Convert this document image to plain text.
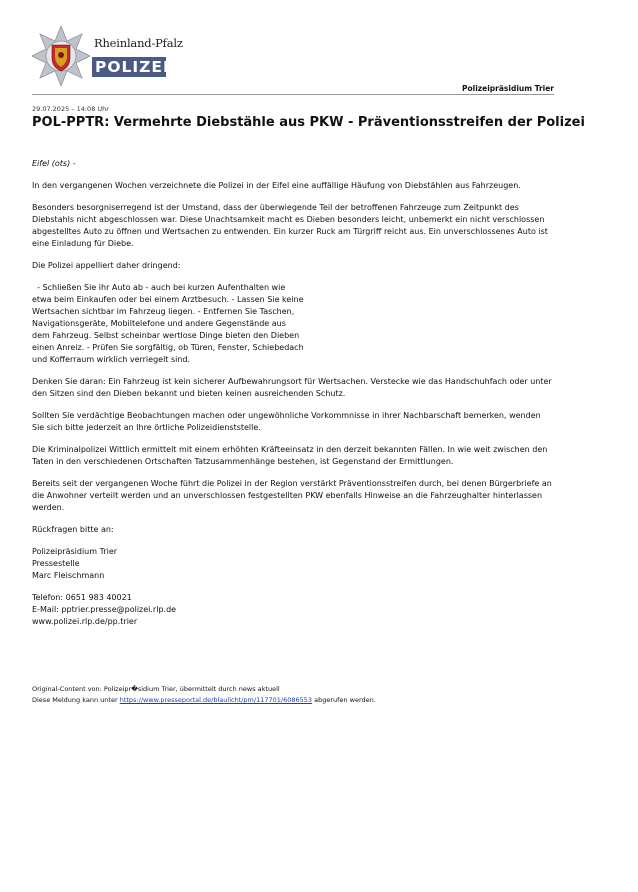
Rheinland-Pfalz
POLIZEI
Polizeipräsidium Trier
29.07.2025 – 14:08 Uhr
POL-PPTR: Vermehrte Diebstähle aus PKW - Präventionsstreifen der Polizei

Eifel (ots) -

In den vergangenen Wochen verzeichnete die Polizei in der Eifel eine auffällige Häufung von Diebstählen aus Fahrzeugen.

Besonders besorgniserregend ist der Umstand, dass der überwiegende Teil der betroffenen Fahrzeuge zum Zeitpunkt des Diebstahls nicht abgeschlossen war. Diese Unachtsamkeit macht es Dieben besonders leicht, unbemerkt ein nicht verschlossen abgestelltes Auto zu öffnen und Wertsachen zu entwenden. Ein kurzer Ruck am Türgriff reicht aus. Ein unverschlossenes Auto ist eine Einladung für Diebe.

Die Polizei appelliert daher dringend:

- Schließen Sie ihr Auto ab - auch bei kurzen Aufenthalten wie etwa beim Einkaufen oder bei einem Arztbesuch. - Lassen Sie keine Wertsachen sichtbar im Fahrzeug liegen. - Entfernen Sie Taschen, Navigationsgeräte, Mobiltelefone und andere Gegenstände aus dem Fahrzeug. Selbst scheinbar wertlose Dinge bieten den Dieben einen Anreiz. - Prüfen Sie sorgfältig, ob Türen, Fenster, Schiebedach und Kofferraum wirklich verriegelt sind.

Denken Sie daran: Ein Fahrzeug ist kein sicherer Aufbewahrungsort für Wertsachen. Verstecke wie das Handschuhfach oder unter den Sitzen sind den Dieben bekannt und bieten keinen ausreichenden Schutz.

Sollten Sie verdächtige Beobachtungen machen oder ungewöhnliche Vorkommnisse in ihrer Nachbarschaft bemerken, wenden Sie sich bitte jederzeit an Ihre örtliche Polizeidienststelle.

Die Kriminalpolizei Wittlich ermittelt mit einem erhöhten Kräfteeinsatz in den derzeit bekannten Fällen. In wie weit zwischen den Taten in den verschiedenen Ortschaften Tatzusammenhänge bestehen, ist Gegenstand der Ermittlungen.

Bereits seit der vergangenen Woche führt die Polizei in der Region verstärkt Präventionsstreifen durch, bei denen Bürgerbriefe an die Anwohner verteilt werden und an unverschlossen festgestellten PKW ebenfalls Hinweise an die Fahrzeughalter hinterlassen werden.

Rückfragen bitte an:

Polizeipräsidium Trier

Pressestelle

Marc Fleischmann

Telefon: 0651 983 40021

E-Mail: pptrier.presse@polizei.rlp.de

www.polizei.rlp.de/pp.trier

Original-Content von: Polizeipr�sidium Trier, übermittelt durch news aktuell
Diese Meldung kann unter https://www.presseportal.de/blaulicht/pm/117701/6086553 abgerufen werden.
